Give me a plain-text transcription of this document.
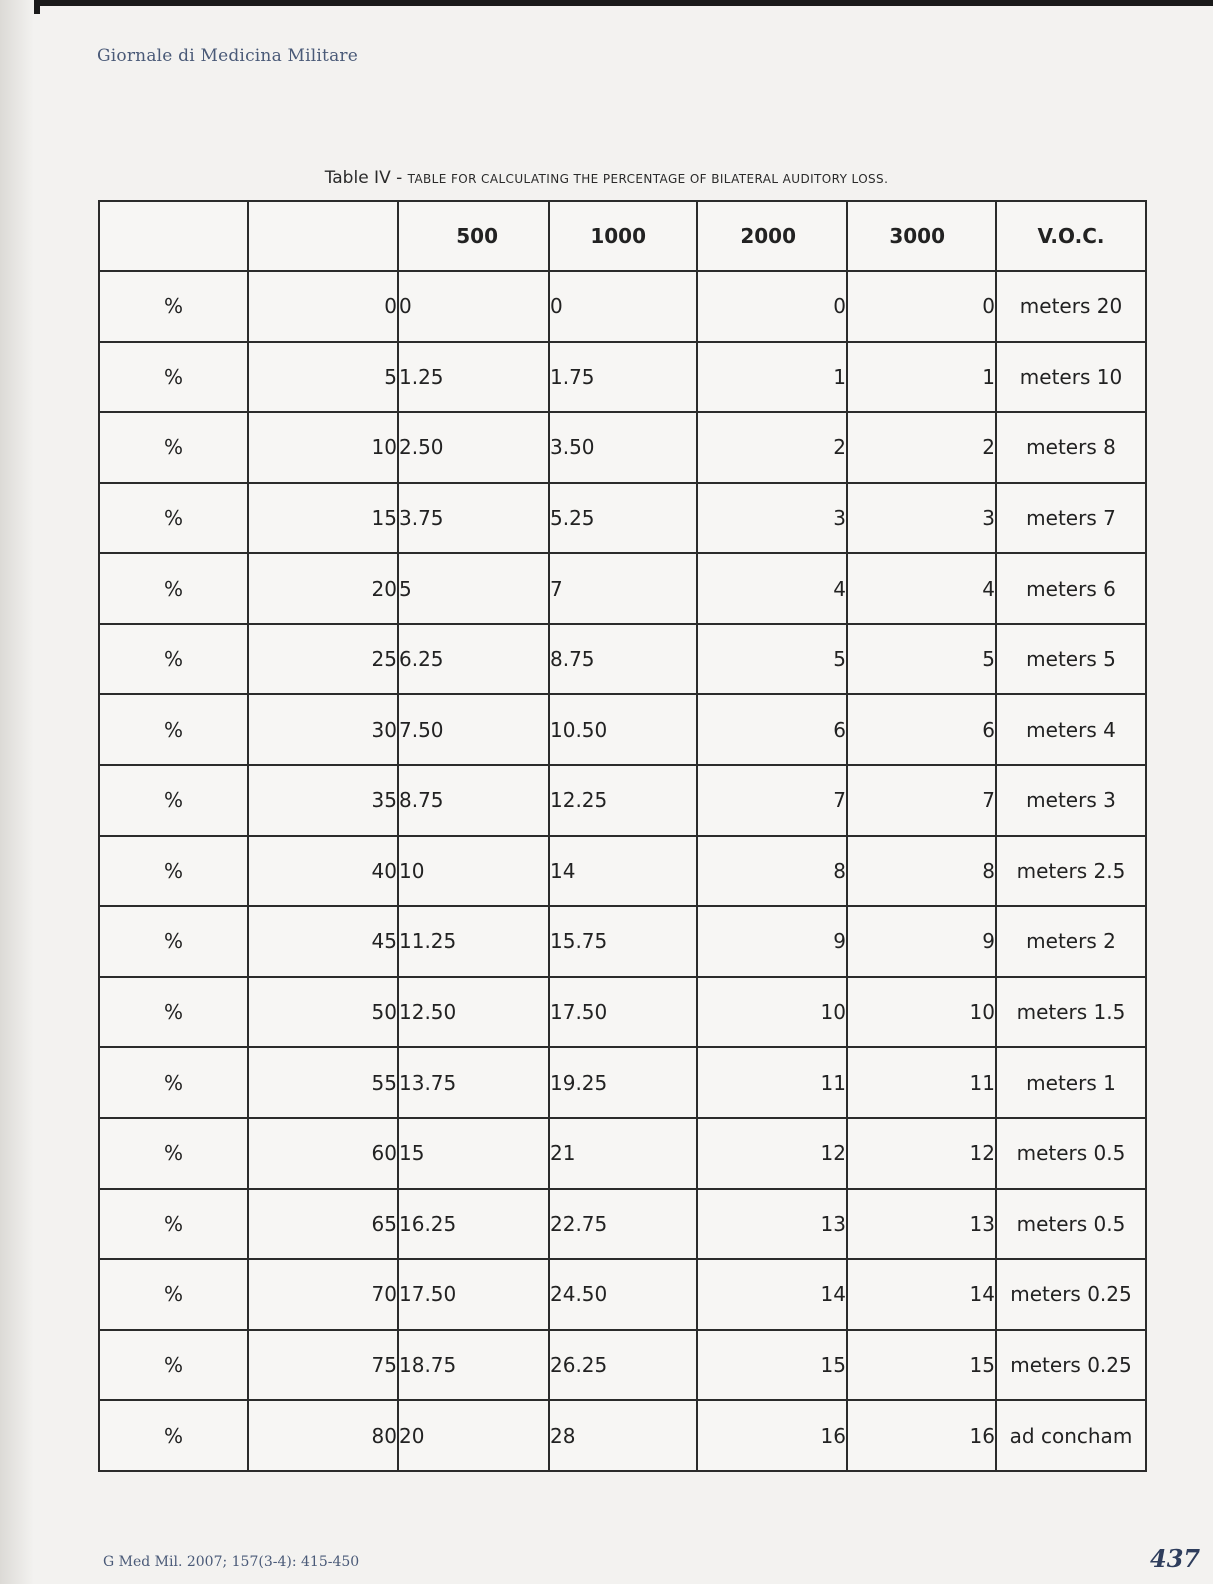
Giornale di Medicina Militare
Table IV - TABLE FOR CALCULATING THE PERCENTAGE OF BILATERAL AUDITORY LOSS.
		500	1000	2000	3000	V.O.C.
%	0	0	0	0	0	meters 20
%	5	1.25	1.75	1	1	meters 10
%	10	2.50	3.50	2	2	meters 8
%	15	3.75	5.25	3	3	meters 7
%	20	5	7	4	4	meters 6
%	25	6.25	8.75	5	5	meters 5
%	30	7.50	10.50	6	6	meters 4
%	35	8.75	12.25	7	7	meters 3
%	40	10	14	8	8	meters 2.5
%	45	11.25	15.75	9	9	meters 2
%	50	12.50	17.50	10	10	meters 1.5
%	55	13.75	19.25	11	11	meters 1
%	60	15	21	12	12	meters 0.5
%	65	16.25	22.75	13	13	meters 0.5
%	70	17.50	24.50	14	14	meters 0.25
%	75	18.75	26.25	15	15	meters 0.25
%	80	20	28	16	16	ad concham
G Med Mil. 2007; 157(3-4): 415-450	437
